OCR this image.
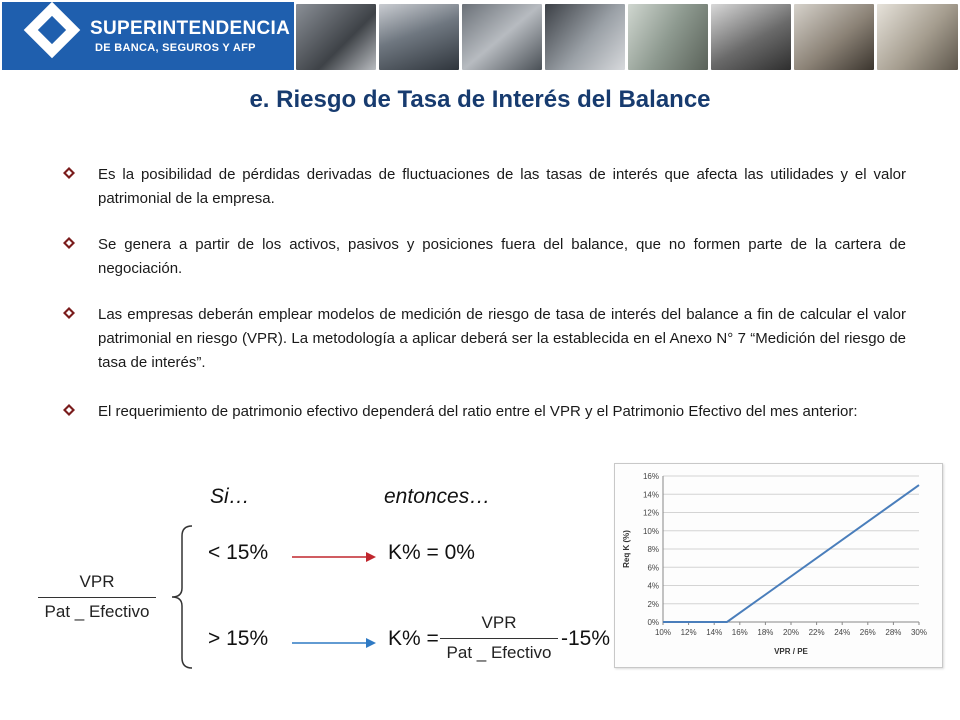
SUPERINTENDENCIA
DE BANCA, SEGUROS Y AFP
e. Riesgo de Tasa de Interés del Balance
Es la posibilidad de pérdidas derivadas de fluctuaciones de las tasas de interés que afecta las utilidades y el valor patrimonial de la empresa.
Se genera a partir de los activos, pasivos y posiciones fuera del balance, que no formen parte de la cartera de negociación.
Las empresas deberán emplear modelos de medición de riesgo de tasa de interés del balance a fin de calcular el valor patrimonial en riesgo (VPR). La metodología a aplicar deberá ser la establecida en el Anexo N° 7 “Medición del riesgo de tasa de interés”.
El requerimiento de patrimonio efectivo dependerá del ratio entre el VPR y el Patrimonio Efectivo del mes anterior:
Si…	entonces…
VPR
Pat _ Efectivo
< 15%	K% = 0%
> 15%	K% =
VPR
Pat _ Efectivo
-15%
0%
2%
4%
6%
8%
10%
12%
14%
16%
10% 12% 14% 16% 18% 20% 22% 24% 26% 28% 30%
VPR / PE
Req K (%)
